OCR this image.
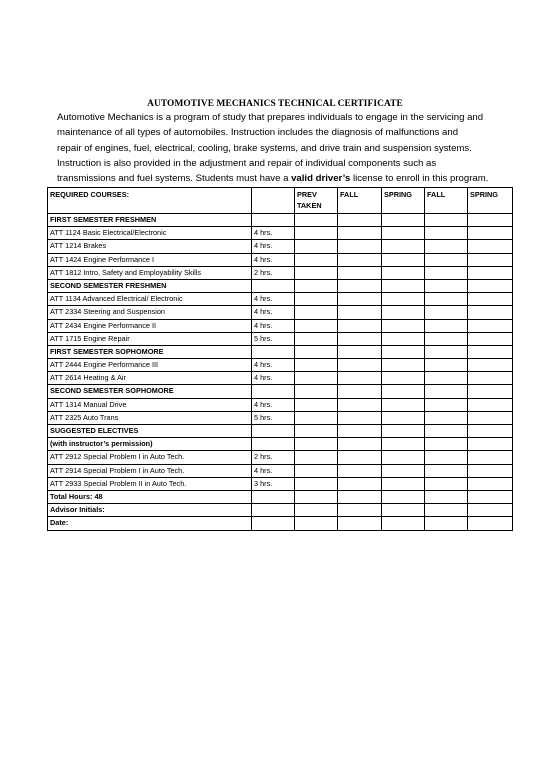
AUTOMOTIVE MECHANICS TECHNICAL CERTIFICATE
Automotive Mechanics is a program of study that prepares individuals to engage in the servicing and
maintenance of all types of automobiles. Instruction includes the diagnosis of malfunctions and
repair of engines, fuel, electrical, cooling, brake systems, and drive train and suspension systems.
Instruction is also provided in the adjustment and repair of individual components such as
transmissions and fuel systems. Students must have a valid driver’s license to enroll in this program.
REQUIRED COURSES:		PREV TAKEN	FALL	SPRING	FALL	SPRING
FIRST SEMESTER FRESHMEN						
ATT 1124 Basic Electrical/Electronic	4 hrs.					
ATT 1214 Brakes	4 hrs.					
ATT 1424 Engine Performance I	4 hrs.					
ATT 1812 Intro, Safety and Employability Skills	2 hrs.					
SECOND SEMESTER FRESHMEN						
ATT 1134 Advanced Electrical/ Electronic	4 hrs.					
ATT 2334 Steering and Suspension	4 hrs.					
ATT 2434 Engine Performance II	4 hrs.					
ATT 1715 Engine Repair	5 hrs.					
FIRST SEMESTER SOPHOMORE						
ATT 2444 Engine Performance III	4 hrs.					
ATT 2614 Heating & Air	4 hrs.					
SECOND SEMESTER SOPHOMORE						
ATT 1314 Manual Drive	4 hrs.					
ATT 2325 Auto Trans	5 hrs.					
SUGGESTED ELECTIVES						
(with instructor’s permission)						
ATT 2912 Special Problem I in Auto Tech.	2 hrs.					
ATT 2914 Special Problem I in Auto Tech.	4 hrs.					
ATT 2933 Special Problem II in Auto Tech.	3 hrs.					
Total Hours: 48						
Advisor Initials:						
Date:						
